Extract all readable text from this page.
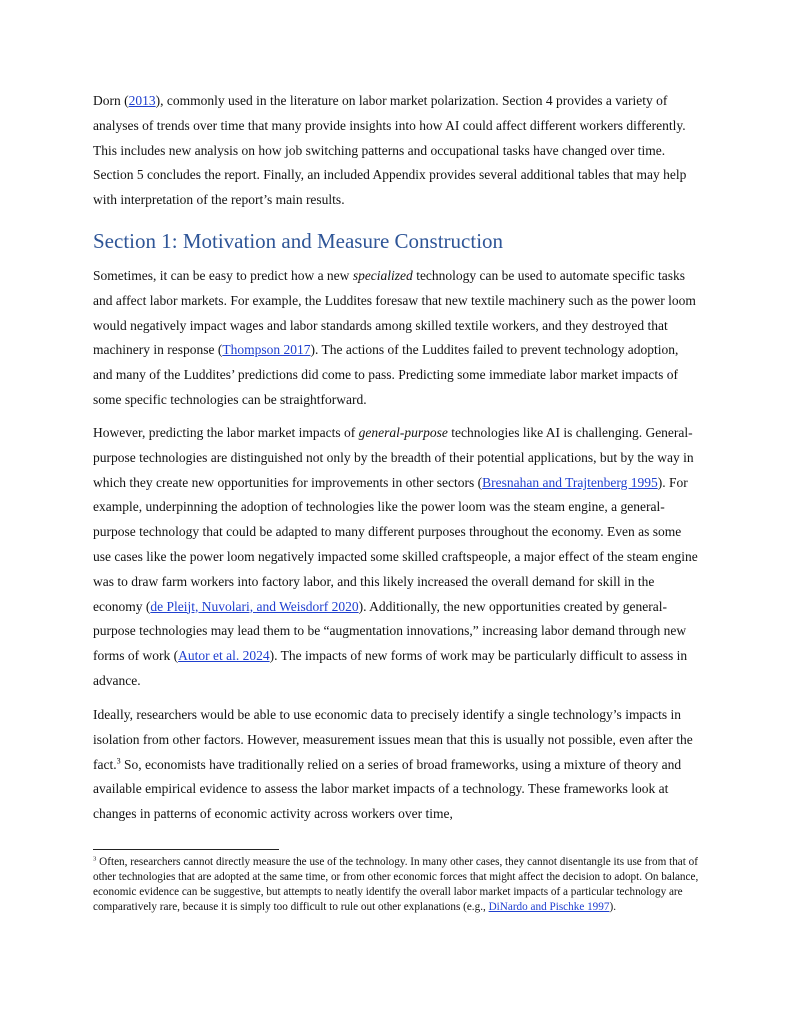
Dorn (2013), commonly used in the literature on labor market polarization. Section 4 provides a variety of analyses of trends over time that many provide insights into how AI could affect different workers differently. This includes new analysis on how job switching patterns and occupational tasks have changed over time. Section 5 concludes the report. Finally, an included Appendix provides several additional tables that may help with interpretation of the report’s main results.

Section 1: Motivation and Measure Construction

Sometimes, it can be easy to predict how a new specialized technology can be used to automate specific tasks and affect labor markets. For example, the Luddites foresaw that new textile machinery such as the power loom would negatively impact wages and labor standards among skilled textile workers, and they destroyed that machinery in response (Thompson 2017). The actions of the Luddites failed to prevent technology adoption, and many of the Luddites’ predictions did come to pass. Predicting some immediate labor market impacts of some specific technologies can be straightforward.

However, predicting the labor market impacts of general-purpose technologies like AI is challenging. General-purpose technologies are distinguished not only by the breadth of their potential applications, but by the way in which they create new opportunities for improvements in other sectors (Bresnahan and Trajtenberg 1995). For example, underpinning the adoption of technologies like the power loom was the steam engine, a general-purpose technology that could be adapted to many different purposes throughout the economy. Even as some use cases like the power loom negatively impacted some skilled craftspeople, a major effect of the steam engine was to draw farm workers into factory labor, and this likely increased the overall demand for skill in the economy (de Pleijt, Nuvolari, and Weisdorf 2020). Additionally, the new opportunities created by general-purpose technologies may lead them to be “augmentation innovations,” increasing labor demand through new forms of work (Autor et al. 2024). The impacts of new forms of work may be particularly difficult to assess in advance.

Ideally, researchers would be able to use economic data to precisely identify a single technology’s impacts in isolation from other factors. However, measurement issues mean that this is usually not possible, even after the fact.$^3$ So, economists have traditionally relied on a series of broad frameworks, using a mixture of theory and available empirical evidence to assess the labor market impacts of a technology. These frameworks look at changes in patterns of economic activity across workers over time,

$^3$ Often, researchers cannot directly measure the use of the technology. In many other cases, they cannot disentangle its use from that of other technologies that are adopted at the same time, or from other economic forces that might affect the decision to adopt. On balance, economic evidence can be suggestive, but attempts to neatly identify the overall labor market impacts of a particular technology are comparatively rare, because it is simply too difficult to rule out other explanations (e.g., DiNardo and Pischke 1997).
